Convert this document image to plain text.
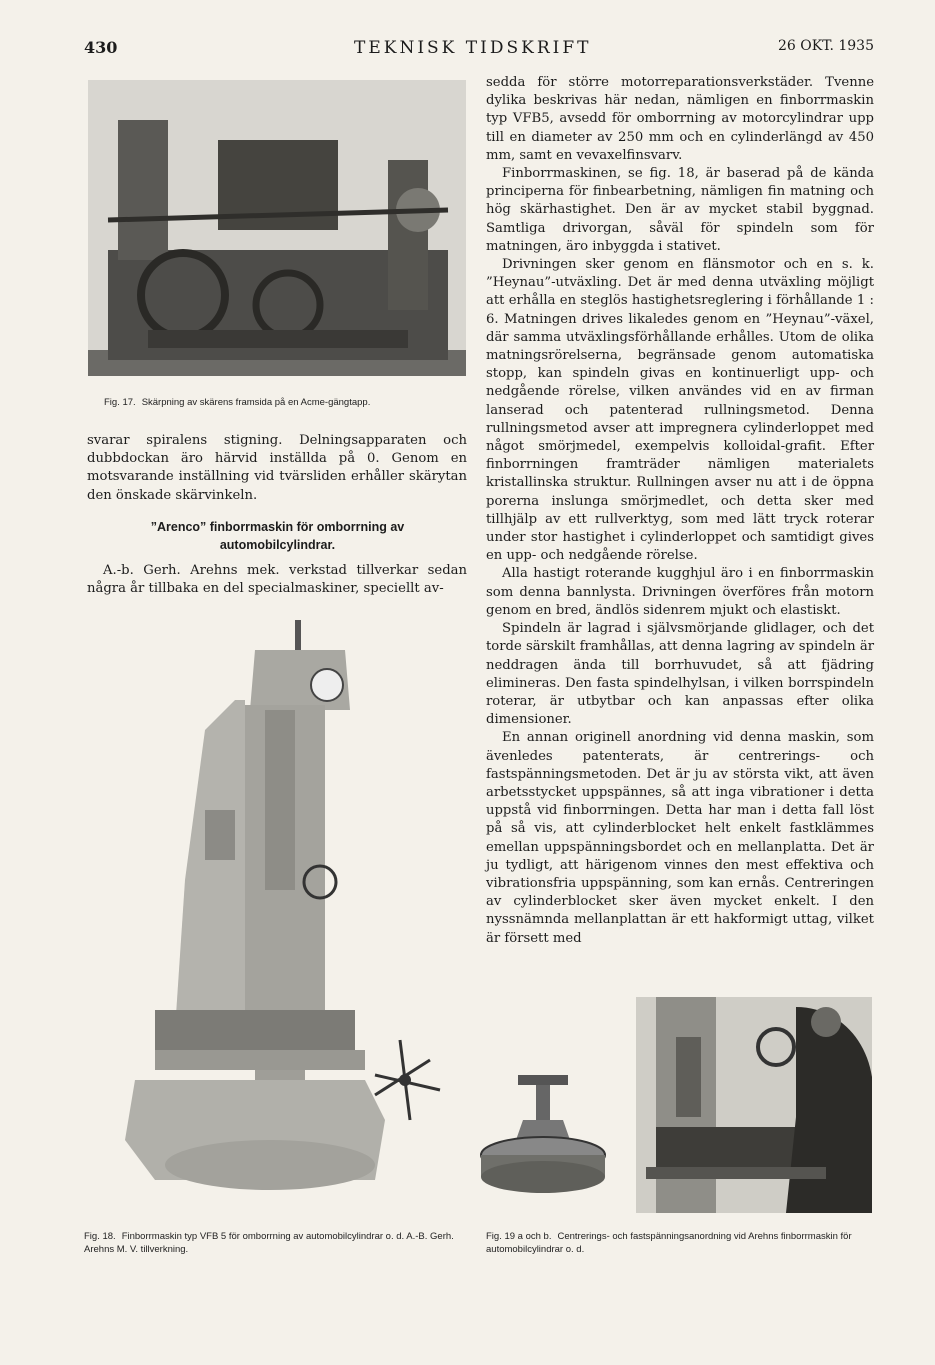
430	TEKNISK TIDSKRIFT	26 OKT. 1935
Fig. 17. Skärpning av skärens framsida på en Acme-gängtapp.

svarar spiralens stigning. Delningsapparaten och dubbdockan äro härvid inställda på 0. Genom en motsvarande inställning vid tvärsliden erhåller skärytan den önskade skärvinkeln.

”Arenco” finborrmaskin för omborrning av automobilcylindrar.

A.-b. Gerh. Arehns mek. verkstad tillverkar sedan några år tillbaka en del specialmaskiner, speciellt av-

sedda för större motorreparationsverkstäder. Tvenne dylika beskrivas här nedan, nämligen en finborrmaskin typ VFB5, avsedd för omborrning av motorcylindrar upp till en diameter av 250 mm och en cylinderlängd av 450 mm, samt en vevaxelfinsvarv.

Finborrmaskinen, se fig. 18, är baserad på de kända principerna för finbearbetning, nämligen fin matning och hög skärhastighet. Den är av mycket stabil byggnad. Samtliga drivorgan, såväl för spindeln som för matningen, äro inbyggda i stativet.

Drivningen sker genom en flänsmotor och en s. k. ”Heynau”-utväxling. Det är med denna utväxling möjligt att erhålla en steglös hastighetsreglering i förhållande 1 : 6. Matningen drives likaledes genom en ”Heynau”-växel, där samma utväxlingsförhållande erhålles. Utom de olika matningsrörelserna, begränsade genom automatiska stopp, kan spindeln givas en kontinuerligt upp- och nedgående rörelse, vilken användes vid en av firman lanserad och patenterad rullningsmetod. Denna rullningsmetod avser att impregnera cylinderloppet med något smörjmedel, exempelvis kolloidal-grafit. Efter finborrningen framträder nämligen materialets kristallinska struktur. Rullningen avser nu att i de öppna porerna inslunga smörjmedlet, och detta sker med tillhjälp av ett rullverktyg, som med lätt tryck roterar under stor hastighet i cylinderloppet och samtidigt gives en upp- och nedgående rörelse.

Alla hastigt roterande kugghjul äro i en finborrmaskin som denna bannlysta. Drivningen överföres från motorn genom en bred, ändlös sidenrem mjukt och elastiskt.

Spindeln är lagrad i självsmörjande glidlager, och det torde särskilt framhållas, att denna lagring av spindeln är neddragen ända till borrhuvudet, så att fjädring elimineras. Den fasta spindelhylsan, i vilken borrspindeln roterar, är utbytbar och kan anpassas efter olika dimensioner.

En annan originell anordning vid denna maskin, som ävenledes patenterats, är centrerings- och fastspänningsmetoden. Det är ju av största vikt, att även arbetsstycket uppspännes, så att inga vibrationer i detta uppstå vid finborrningen. Detta har man i detta fall löst på så vis, att cylinderblocket helt enkelt fastklämmes emellan uppspänningsbordet och en mellanplatta. Det är ju tydligt, att härigenom vinnes den mest effektiva och vibrationsfria uppspänning, som kan ernås. Centreringen av cylinderblocket sker även mycket enkelt. I den nyssnämnda mellanplattan är ett hakformigt uttag, vilket är försett med

Fig. 18. Finborrmaskin typ VFB 5 för omborrning av automobilcylindrar o. d. A.-B. Gerh. Arehns M. V. tillverkning.
Fig. 19 a och b. Centrerings- och fastspänningsanordning vid Arehns finborrmaskin för automobilcylindrar o. d.
